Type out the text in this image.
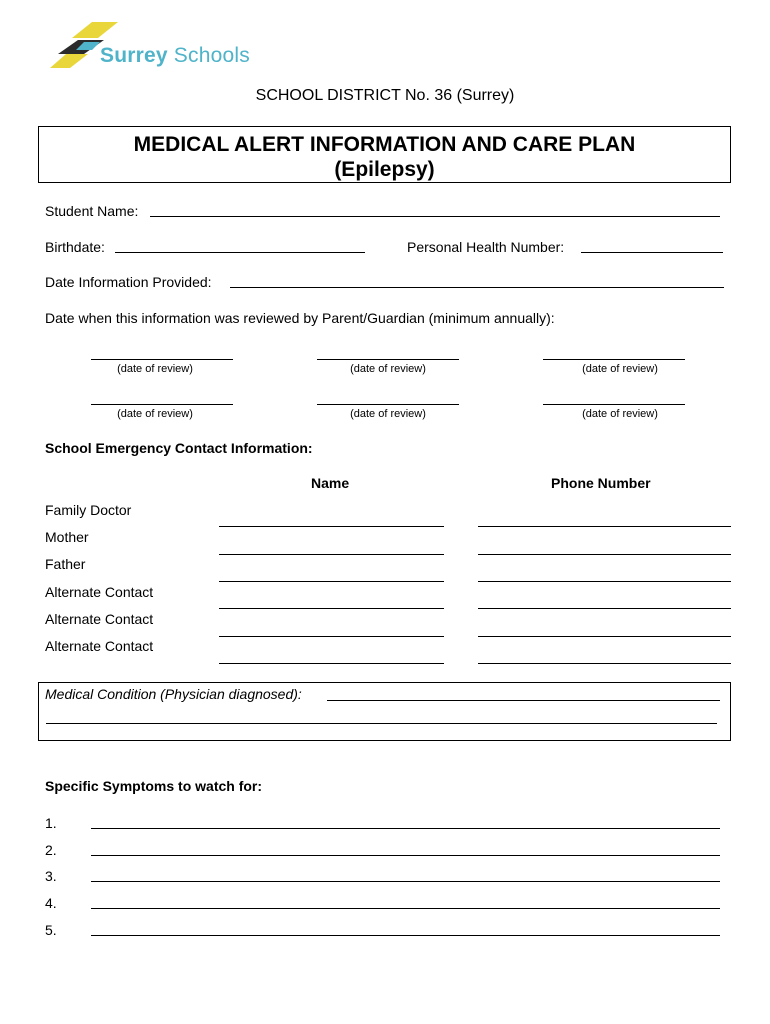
Surrey Schools
SCHOOL DISTRICT No. 36 (Surrey)
MEDICAL ALERT INFORMATION AND CARE PLAN
(Epilepsy)
Student Name:
Birthdate:	Personal Health Number:
Date Information Provided:
Date when this information was reviewed by Parent/Guardian (minimum annually):
(date of review)	(date of review)	(date of review)
(date of review)	(date of review)	(date of review)
School Emergency Contact Information:
Name	Phone Number
Family Doctor
Mother
Father
Alternate Contact
Alternate Contact
Alternate Contact
Medical Condition (Physician diagnosed):
Specific Symptoms to watch for:
1.
2.
3.
4.
5.
